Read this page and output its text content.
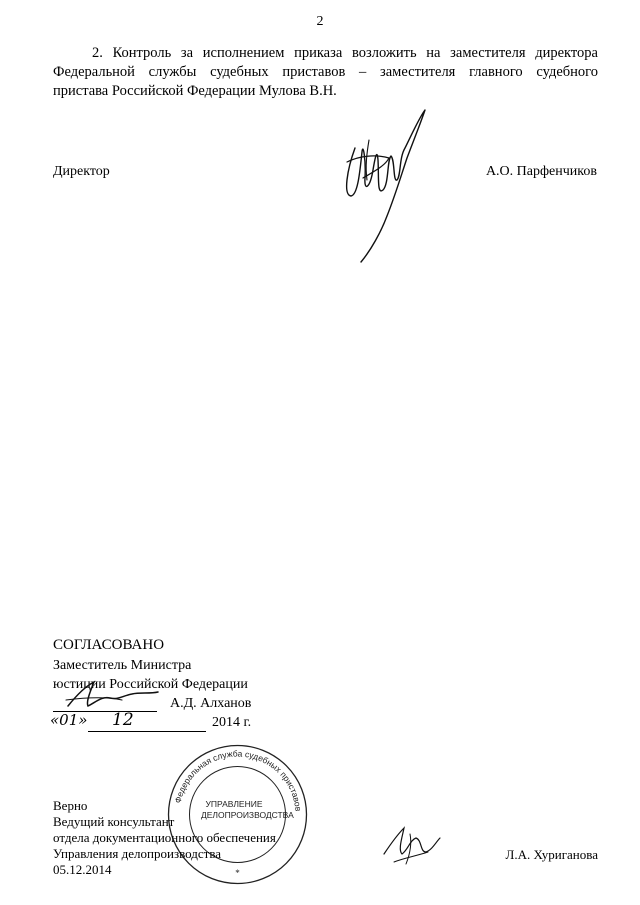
2
2. Контроль за исполнением приказа возложить на заместителя директора
Федеральной службы судебных приставов – заместителя главного судебного
пристава Российской Федерации Мулова В.Н.
Директор	А.О. Парфенчиков
СОГЛАСОВАНО
Заместитель Министра
юстиции Российской Федерации
А.Д. Алханов
«01» 12	2014 г.
Федеральная служба судебных приставов
*
УПРАВЛЕНИЕ
ДЕЛОПРОИЗВОДСТВА
Верно
Ведущий консультант
отдела документационного обеспечения
Управления делопроизводства
05.12.2014
Л.А. Хуриганова
